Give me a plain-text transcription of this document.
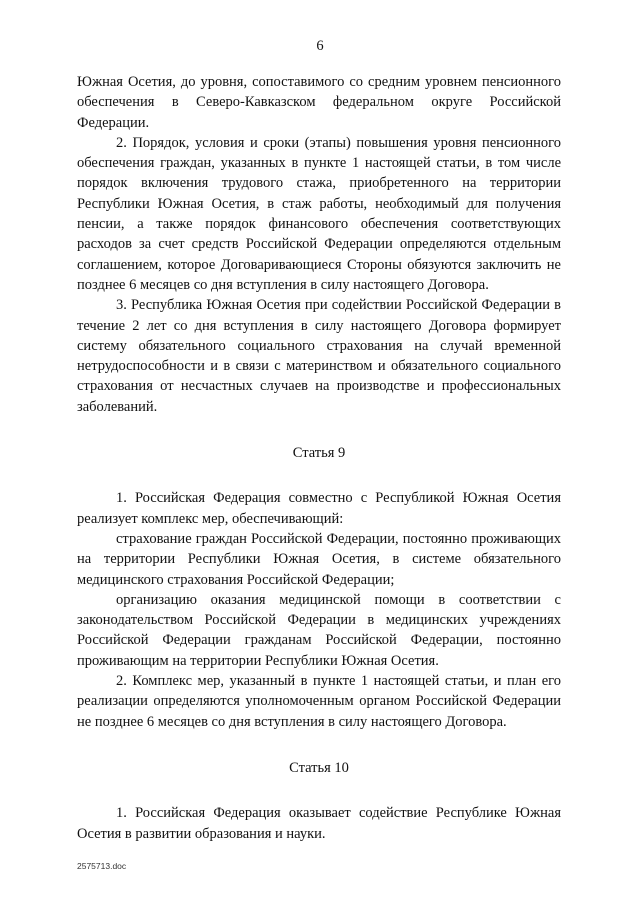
6

Южная Осетия, до уровня, сопоставимого со средним уровнем пенсионного обеспечения в Северо-Кавказском федеральном округе Российской Федерации.

2. Порядок, условия и сроки (этапы) повышения уровня пенсионного обеспечения граждан, указанных в пункте 1 настоящей статьи, в том числе порядок включения трудового стажа, приобретенного на территории Республики Южная Осетия, в стаж работы, необходимый для получения пенсии, а также порядок финансового обеспечения соответствующих расходов за счет средств Российской Федерации определяются отдельным соглашением, которое Договаривающиеся Стороны обязуются заключить не позднее 6 месяцев со дня вступления в силу настоящего Договора.

3. Республика Южная Осетия при содействии Российской Федерации в течение 2 лет со дня вступления в силу настоящего Договора формирует систему обязательного социального страхования на случай временной нетрудоспособности и в связи с материнством и обязательного социального страхования от несчастных случаев на производстве и профессиональных заболеваний.

Статья 9

1. Российская Федерация совместно с Республикой Южная Осетия реализует комплекс мер, обеспечивающий:

страхование граждан Российской Федерации, постоянно проживающих на территории Республики Южная Осетия, в системе обязательного медицинского страхования Российской Федерации;

организацию оказания медицинской помощи в соответствии с законодательством Российской Федерации в медицинских учреждениях Российской Федерации гражданам Российской Федерации, постоянно проживающим на территории Республики Южная Осетия.

2. Комплекс мер, указанный в пункте 1 настоящей статьи, и план его реализации определяются уполномоченным органом Российской Федерации не позднее 6 месяцев со дня вступления в силу настоящего Договора.

Статья 10

1. Российская Федерация оказывает содействие Республике Южная Осетия в развитии образования и науки.

2575713.doc
